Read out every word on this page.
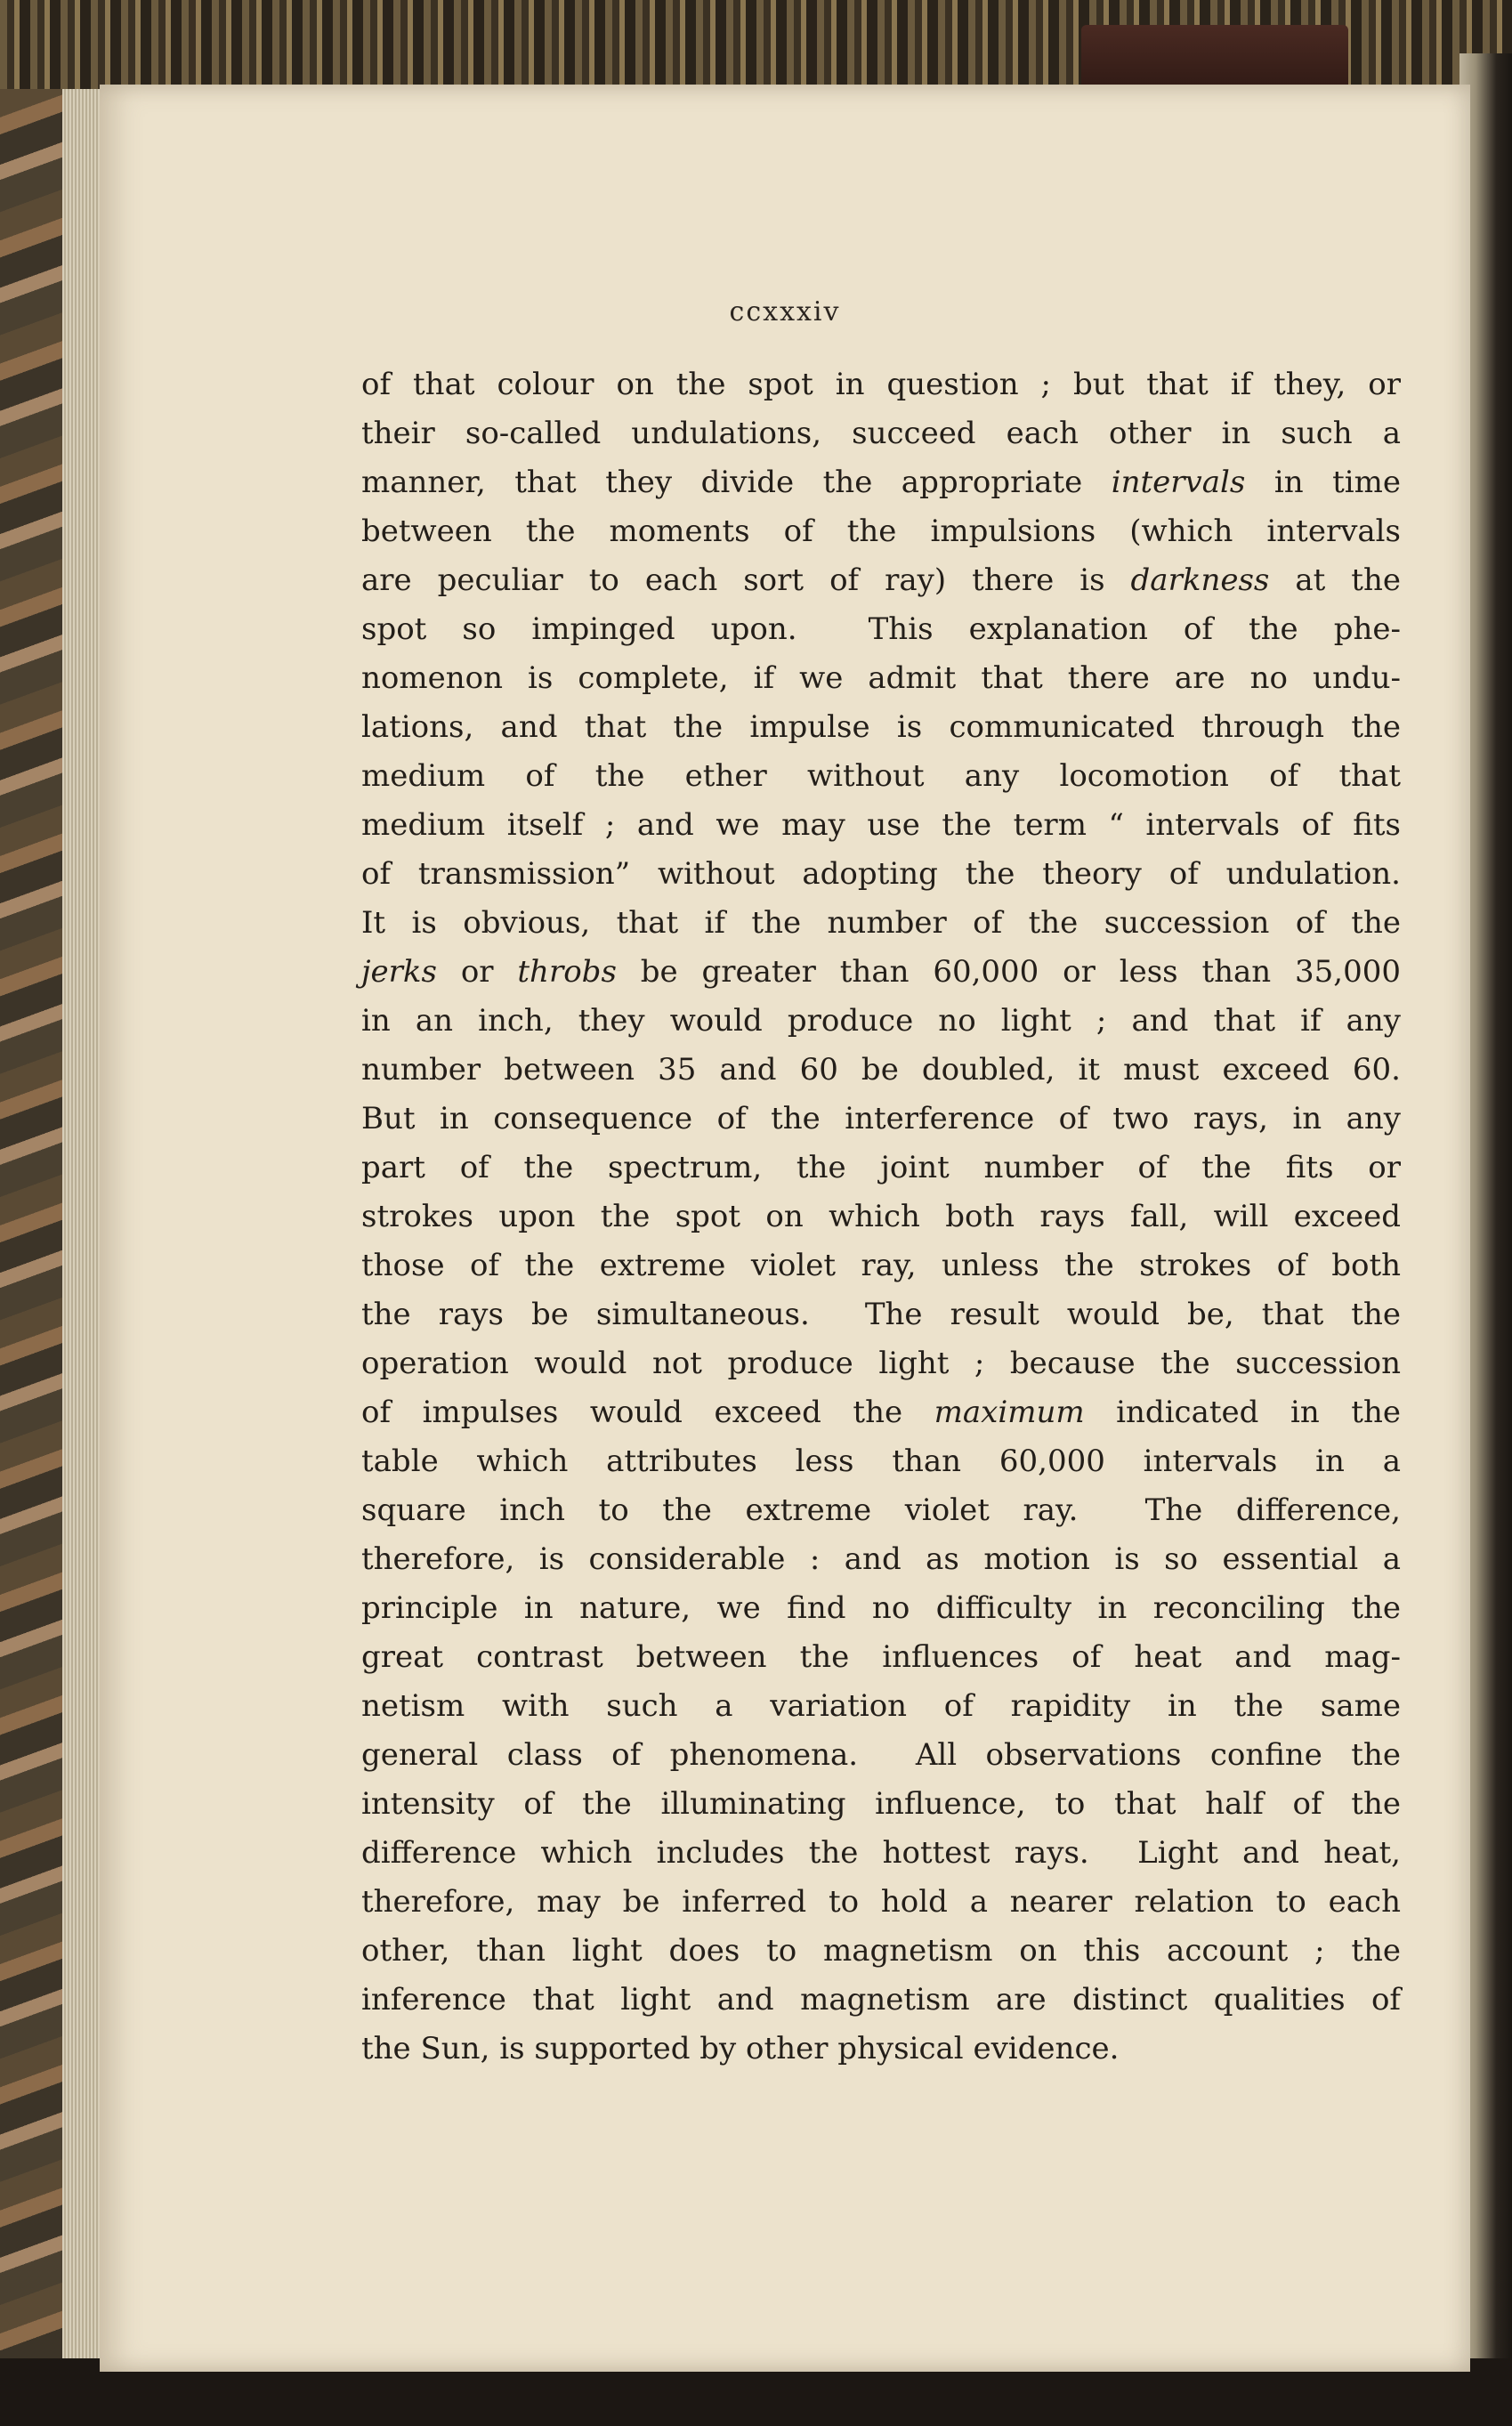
ccxxxiv
of that colour on the spot in question ; but that if they, or
their so-called undulations, succeed each other in such a
manner, that they divide the appropriate intervals in time
between the moments of the impulsions (which intervals
are peculiar to each sort of ray) there is darkness at the
spot so impinged upon.  This explanation of the phe-
nomenon is complete, if we admit that there are no undu-
lations, and that the impulse is communicated through the
medium of the ether without any locomotion of that
medium itself ; and we may use the term “ intervals of fits
of transmission” without adopting the theory of undulation.
It is obvious, that if the number of the succession of the
jerks or throbs be greater than 60,000 or less than 35,000
in an inch, they would produce no light ; and that if any
number between 35 and 60 be doubled, it must exceed 60.
But in consequence of the interference of two rays, in any
part of the spectrum, the joint number of the fits or
strokes upon the spot on which both rays fall, will exceed
those of the extreme violet ray, unless the strokes of both
the rays be simultaneous.  The result would be, that the
operation would not produce light ; because the succession
of impulses would exceed the maximum indicated in the
table which attributes less than 60,000 intervals in a
square inch to the extreme violet ray.  The difference,
therefore, is considerable : and as motion is so essential a
principle in nature, we find no difficulty in reconciling the
great contrast between the influences of heat and mag-
netism with such a variation of rapidity in the same
general class of phenomena.  All observations confine the
intensity of the illuminating influence, to that half of the
difference which includes the hottest rays.  Light and heat,
therefore, may be inferred to hold a nearer relation to each
other, than light does to magnetism on this account ; the
inference that light and magnetism are distinct qualities of
the Sun, is supported by other physical evidence.
